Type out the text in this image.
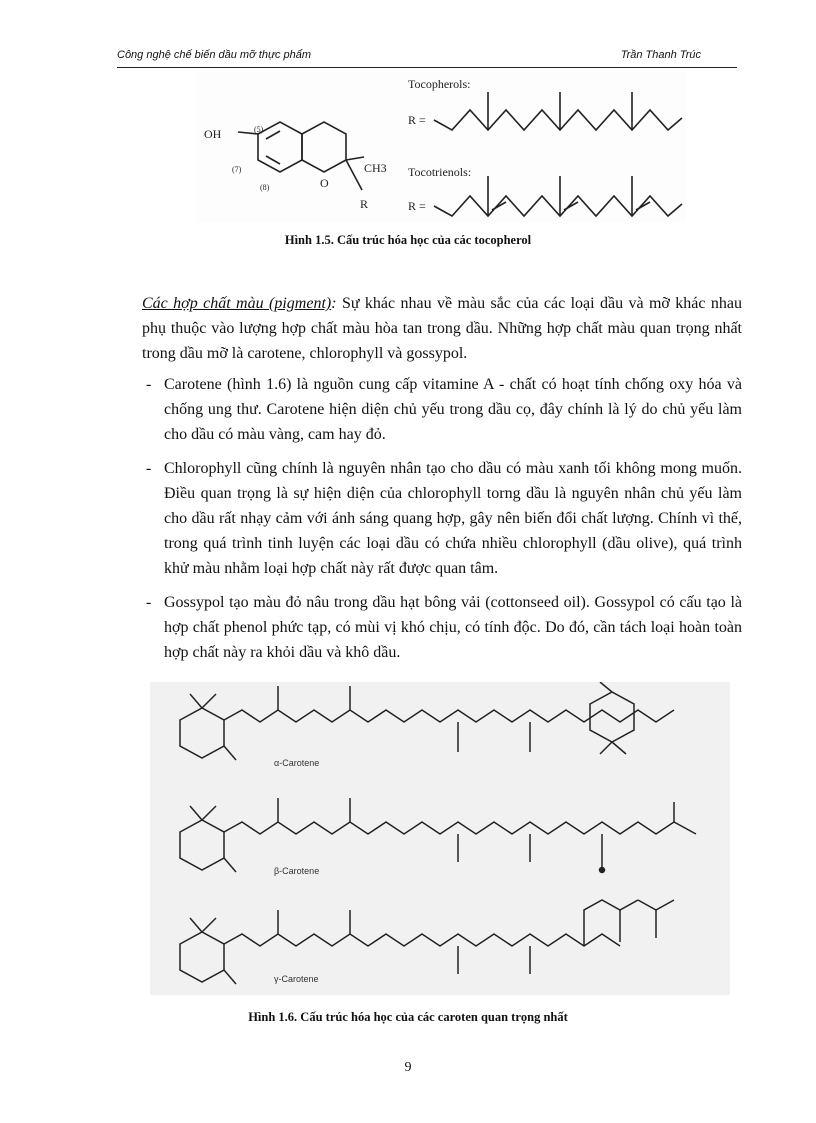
Công nghệ chế biến dầu mỡ thực phẩm	Trần Thanh Trúc
OH
CH3
O
R
(5)
(7)
(8)
Tocopherols:
R =
Tocotrienols:
R =
Hình 1.5. Cấu trúc hóa học của các tocopherol
Các hợp chất màu (pigment): Sự khác nhau về màu sắc của các loại dầu và mỡ khác nhau phụ thuộc vào lượng hợp chất màu hòa tan trong dầu. Những hợp chất màu quan trọng nhất trong dầu mỡ là carotene, chlorophyll và gossypol.
- Carotene (hình 1.6) là nguồn cung cấp vitamine A - chất có hoạt tính chống oxy hóa và chống ung thư. Carotene hiện diện chủ yếu trong dầu cọ, đây chính là lý do chủ yếu làm cho dầu có màu vàng, cam hay đỏ.
- Chlorophyll cũng chính là nguyên nhân tạo cho dầu có màu xanh tối không mong muốn. Điều quan trọng là sự hiện diện của chlorophyll torng dầu là nguyên nhân chủ yếu làm cho dầu rất nhạy cảm với ánh sáng quang hợp, gây nên biến đổi chất lượng. Chính vì thế, trong quá trình tinh luyện các loại dầu có chứa nhiều chlorophyll (dầu olive), quá trình khử màu nhằm loại hợp chất này rất được quan tâm.
- Gossypol tạo màu đỏ nâu trong dầu hạt bông vải (cottonseed oil). Gossypol có cấu tạo là hợp chất phenol phức tạp, có mùi vị khó chịu, có tính độc. Do đó, cần tách loại hoàn toàn hợp chất này ra khỏi dầu và khô dầu.
α-Carotene
β-Carotene
γ-Carotene
Hình 1.6. Cấu trúc hóa học của các caroten quan trọng nhất
9
